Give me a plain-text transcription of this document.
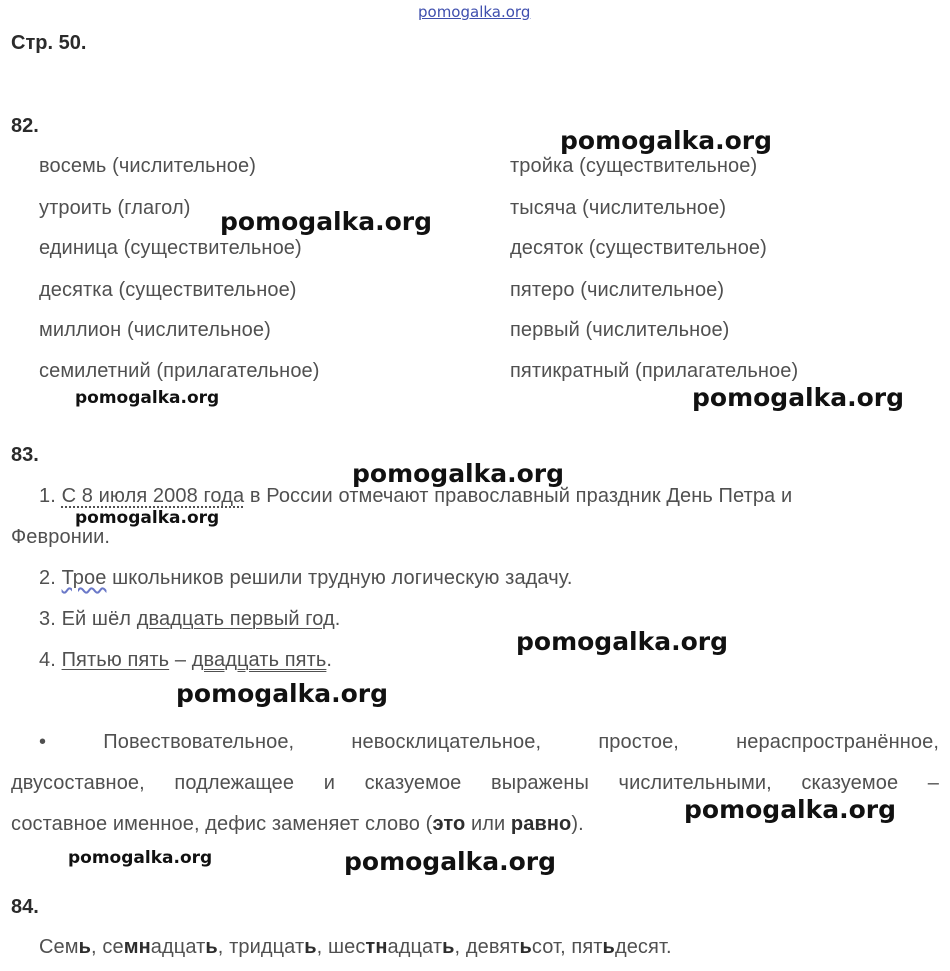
pomogalka.org
Стр. 50.
82.
восемь (числительное)
утроить (глагол)
единица (существительное)
десятка (существительное)
миллион (числительное)
семилетний (прилагательное)
тройка (существительное)
тысяча (числительное)
десяток (существительное)
пятеро (числительное)
первый (числительное)
пятикратный (прилагательное)
83.
1. С 8 июля 2008 года в России отмечают православный праздник День Петра и
Февронии.
2. Трое школьников решили трудную логическую задачу.
3. Ей шёл двадцать первый год.
4. Пятью пять – двадцать пять.
• Повествовательное, невосклицательное, простое, нераспространённое,
двусоставное, подлежащее и сказуемое выражены числительными, сказуемое –
составное именное, дефис заменяет слово (это или равно).
84.
Семь, семнадцать, тридцать, шестнадцать, девятьсот, пятьдесят.
pomogalka.org
pomogalka.org
pomogalka.org	pomogalka.org
pomogalka.org
pomogalka.org
pomogalka.org
pomogalka.org
pomogalka.org
pomogalka.org	pomogalka.org
